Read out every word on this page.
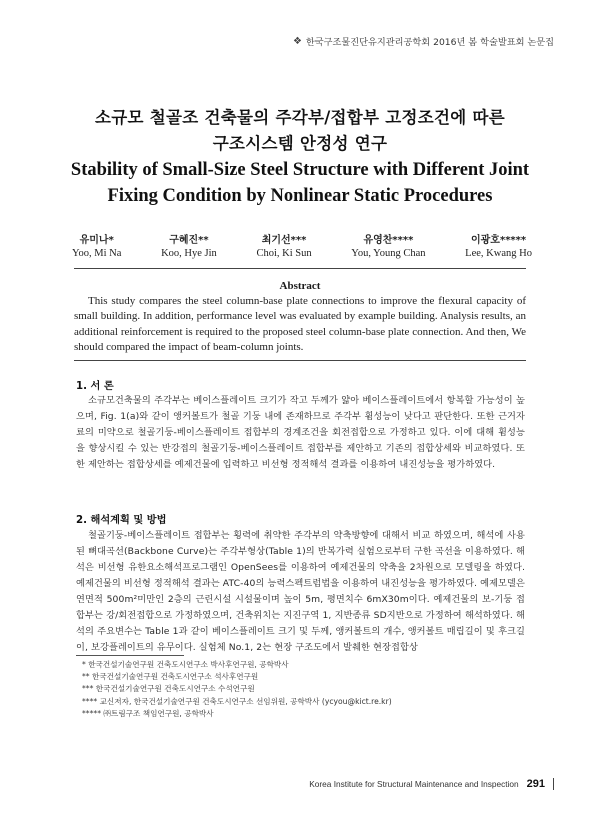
❖ 한국구조물진단유지관리공학회 2016년 봄 학술발표회 논문집
소규모 철골조 건축물의 주각부/접합부 고정조건에 따른
구조시스템 안정성 연구
Stability of Small-Size Steel Structure with Different Joint
Fixing Condition by Nonlinear Static Procedures
유미나*
Yoo, Mi Na
구혜진**
Koo, Hye Jin
최기선***
Choi, Ki Sun
유영찬****
You, Young Chan
이광호*****
Lee, Kwang Ho
Abstract
This study compares the steel column-base plate connections to improve the flexural capacity of small building. In addition, performance level was evaluated by example building. Analysis results, an additional reinforcement is required to the proposed steel column-base plate connection. And then, We should compared the impact of beam-column joints.
1. 서 론
소규모건축물의 주각부는 베이스플레이트 크기가 작고 두께가 얇아 베이스플레이트에서 항복할 가능성이 높으며, Fig. 1(a)와 같이 앵커볼트가 철골 기둥 내에 존재하므로 주각부 휨성능이 낮다고 판단한다. 또한 근거자료의 미약으로 철골기둥-베이스플레이트 접합부의 경계조건을 회전접합으로 가정하고 있다. 이에 대해 휨성능을 향상시킬 수 있는 반강접의 철골기둥-베이스플레이트 접합부를 제안하고 기존의 접합상세와 비교하였다. 또한 제안하는 접합상세를 예제건물에 입력하고 비선형 정적해석 결과를 이용하여 내진성능을 평가하였다.
2. 해석계획 및 방법
철골기둥-베이스플레이트 접합부는 횡력에 취약한 주각부의 약축방향에 대해서 비교 하였으며, 해석에 사용된 뼈대곡선(Backbone Curve)는 주각부형상(Table 1)의 반복가력 실험으로부터 구한 곡선을 이용하였다. 해석은 비선형 유한요소해석프로그램인 OpenSees를 이용하여 예제건물의 약축을 2차원으로 모델링을 하였다. 예제건물의 비선형 정적해석 결과는 ATC-40의 능력스펙트럼법을 이용하여 내진성능을 평가하였다. 예제모델은 연면적 500m²미만인 2층의 근린시설 시설물이며 높이 5m, 평면치수 6mX30m이다. 예제건물의 보-기둥 접합부는 강/회전접합으로 가정하였으며, 건축위치는 지진구역 1, 지반종류 SD지반으로 가정하여 해석하였다. 해석의 주요변수는 Table 1과 같이 베이스플레이트 크기 및 두께, 앵커볼트의 개수, 앵커볼트 매립길이 및 후크길이, 보강플레이트의 유무이다. 실험체 No.1, 2는 현장 구조도에서 발췌한 현장접합상
* 한국건설기술연구원 건축도시연구소 박사후연구원, 공학박사
** 한국건설기술연구원 건축도시연구소 석사후연구원
*** 한국건설기술연구원 건축도시연구소 수석연구원
**** 교신저자, 한국건설기술연구원 건축도시연구소 선임위원, 공학박사 (ycyou@kict.re.kr)
***** ㈜트림구조 책임연구원, 공학박사
Korea Institute for Structural Maintenance and Inspection 291
